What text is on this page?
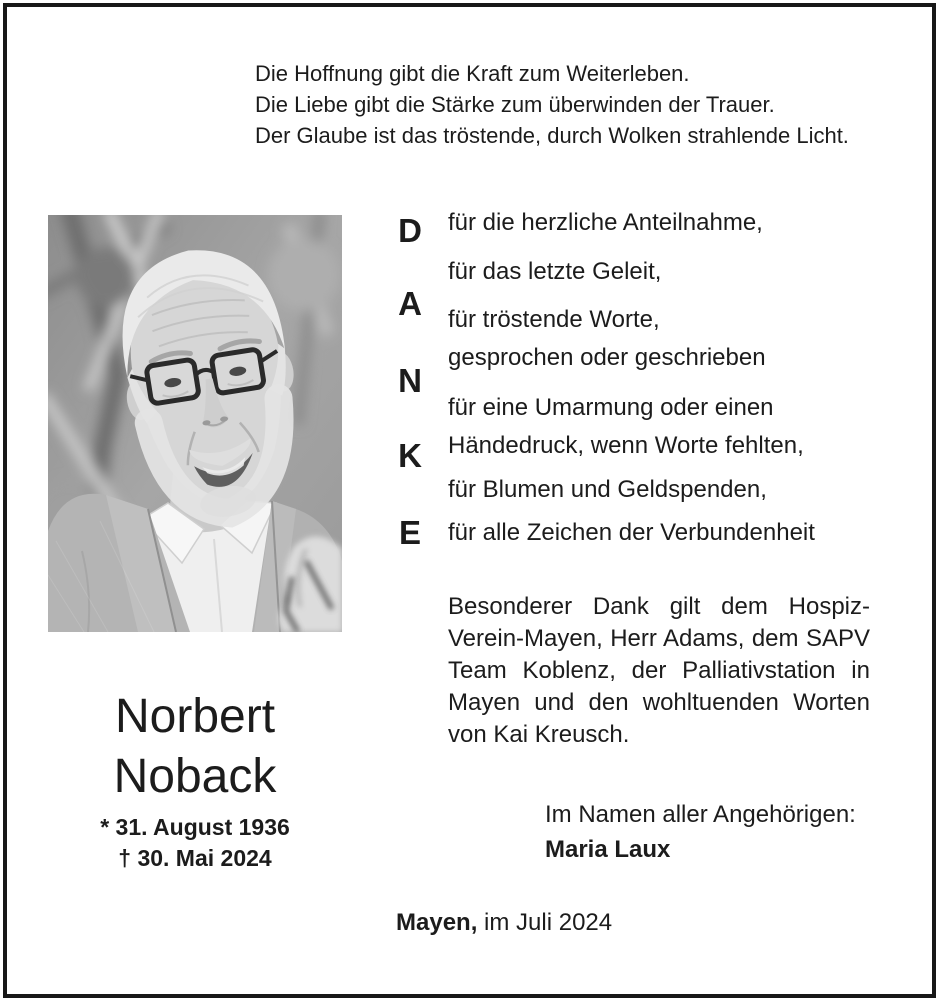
Die Hoffnung gibt die Kraft zum Weiterleben.
Die Liebe gibt die Stärke zum überwinden der Trauer.
Der Glaube ist das tröstende, durch Wolken strahlende Licht.
D
A
N
K
E
für die herzliche Anteilnahme,
für das letzte Geleit,
für tröstende Worte,
gesprochen oder geschrieben
für eine Umarmung oder einen
Händedruck, wenn Worte fehlten,
für Blumen und Geldspenden,
für alle Zeichen der Verbundenheit
Besonderer Dank gilt dem Hospiz-
Verein-Mayen, Herr Adams, dem SAPV
Team Koblenz, der Palliativstation in
Mayen und den wohltuenden Worten
von Kai Kreusch.
Im Namen aller Angehörigen:
Maria Laux
Norbert
Noback
* 31. August 1936
† 30. Mai 2024
Mayen, im Juli 2024
